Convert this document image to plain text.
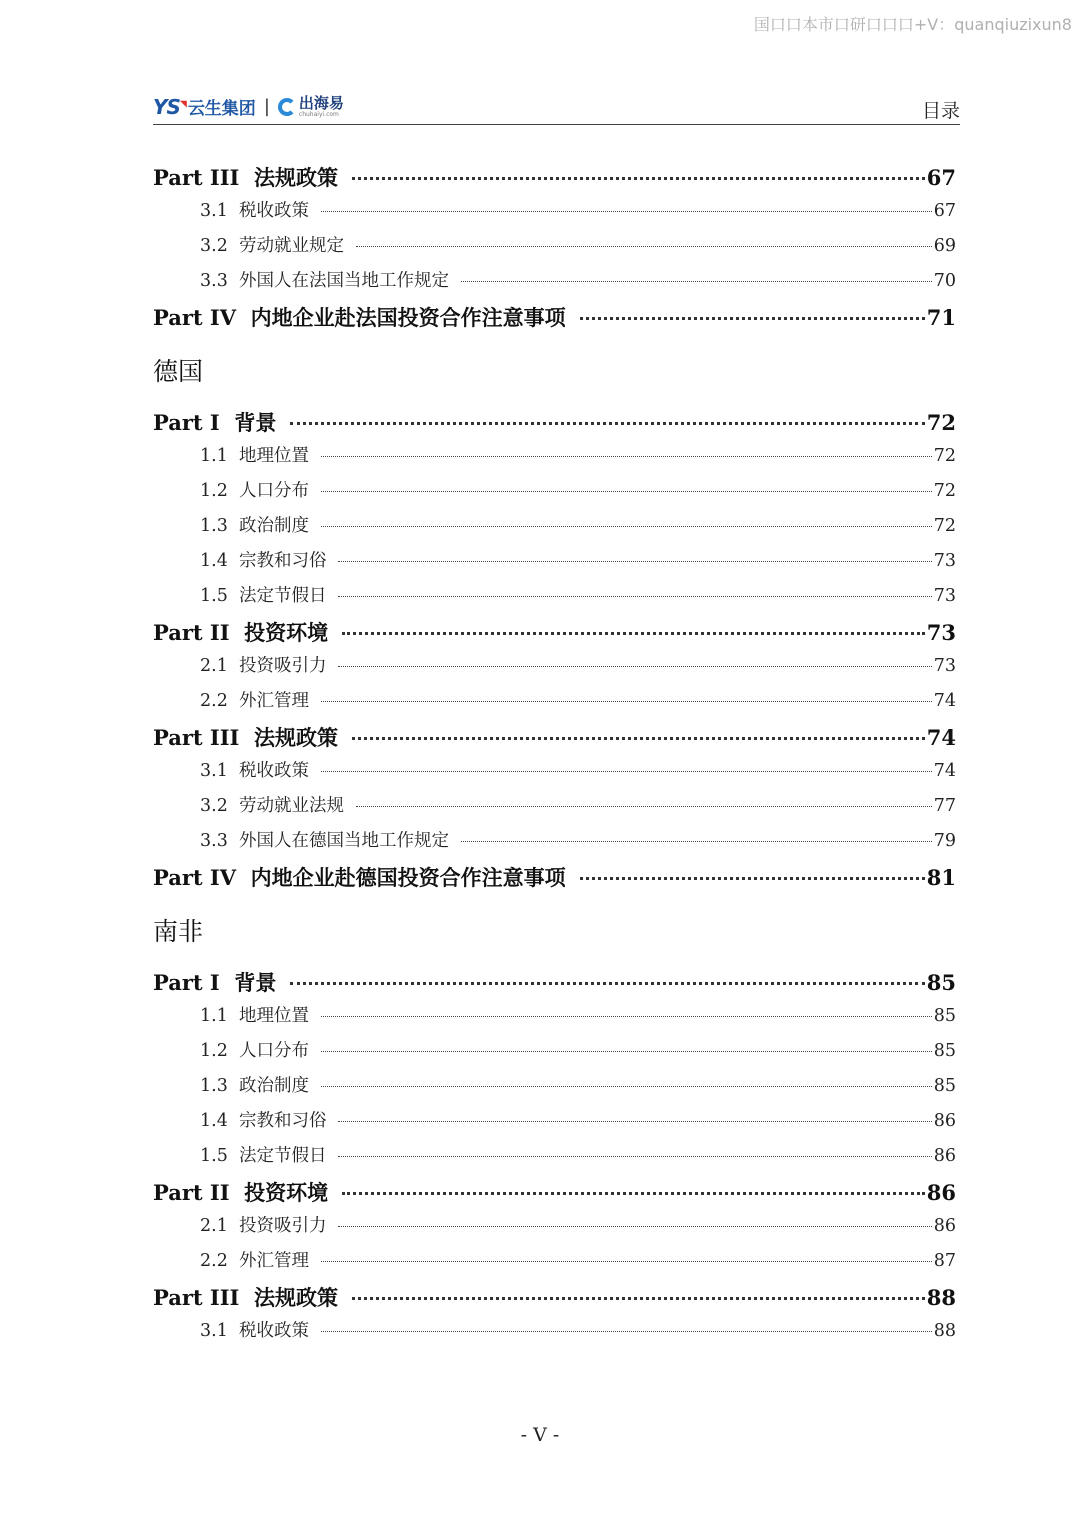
国口口本市口研口口口+V：quanqiuzixun8
YS◥ 云生集团 | 出海易
chuhaiyi.com	目录
Part III  法规政策	67
3.1  税收政策	67
3.2  劳动就业规定	69
3.3  外国人在法国当地工作规定	70
Part IV  内地企业赴法国投资合作注意事项	71
德国
Part I  背景	72
1.1  地理位置	72
1.2  人口分布	72
1.3  政治制度	72
1.4  宗教和习俗	73
1.5  法定节假日	73
Part II  投资环境	73
2.1  投资吸引力	73
2.2  外汇管理	74
Part III  法规政策	74
3.1  税收政策	74
3.2  劳动就业法规	77
3.3  外国人在德国当地工作规定	79
Part IV  内地企业赴德国投资合作注意事项	81
南非
Part I  背景	85
1.1  地理位置	85
1.2  人口分布	85
1.3  政治制度	85
1.4  宗教和习俗	86
1.5  法定节假日	86
Part II  投资环境	86
2.1  投资吸引力	86
2.2  外汇管理	87
Part III  法规政策	88
3.1  税收政策	88
- V -
